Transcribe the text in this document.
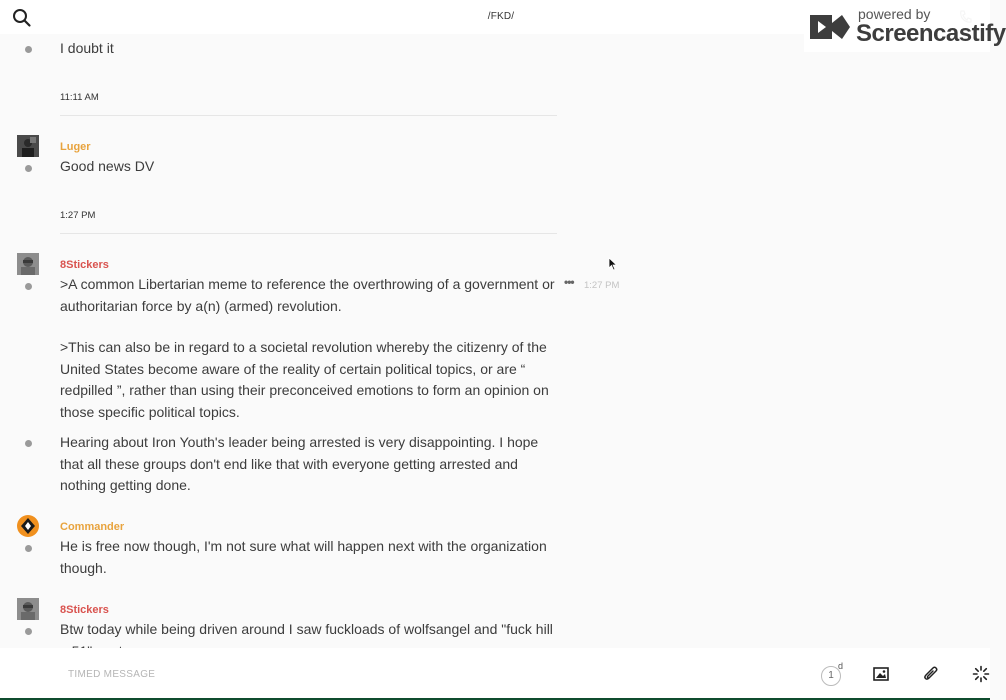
/FKD/	powered by
Screencastify
I doubt it
11:11 AM
Luger
Good news DV
1:27 PM
8Stickers
>A common Libertarian meme to reference the overthrowing of a government or authoritarian force by a(n) (armed) revolution.
>This can also be in regard to a societal revolution whereby the citizenry of the United States become aware of the reality of certain political topics, or are “ redpilled ”, rather than using their preconceived emotions to form an opinion on those specific political topics.
••• 1:27 PM
Hearing about Iron Youth's leader being arrested is very disappointing. I hope that all these groups don't end like that with everyone getting arrested and nothing getting done.
Commander
He is free now though, I'm not sure what will happen next with the organization though.
8Stickers
Btw today while being driven around I saw fuckloads of wolfsangel and "fuck hill
TIMED MESSAGE
1
d
